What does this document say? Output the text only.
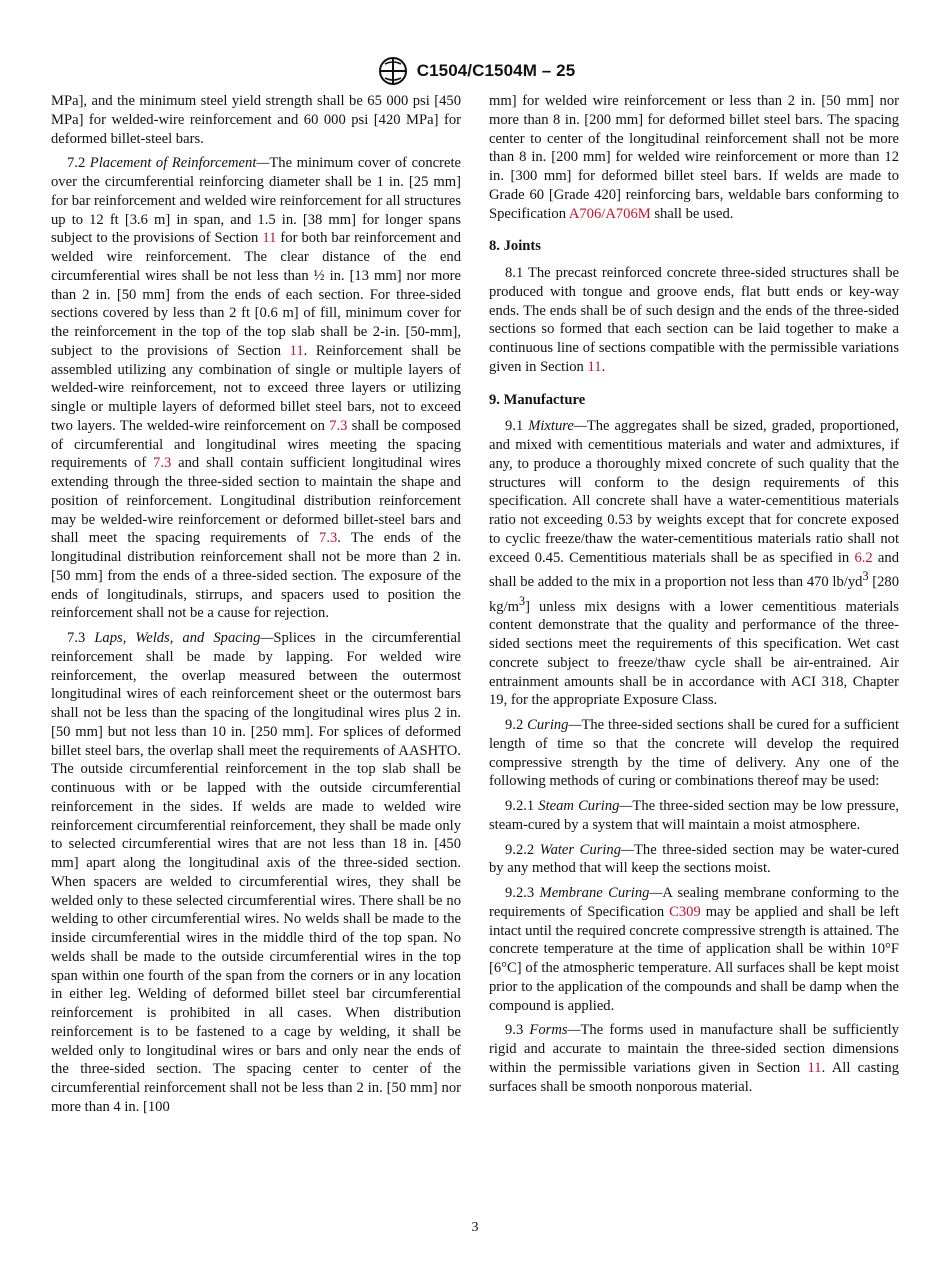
C1504/C1504M – 25

MPa], and the minimum steel yield strength shall be 65 000 psi [450 MPa] for welded-wire reinforcement and 60 000 psi [420 MPa] for deformed billet-steel bars.

7.2 Placement of Reinforcement—The minimum cover of concrete over the circumferential reinforcing diameter shall be 1 in. [25 mm] for bar reinforcement and welded wire reinforcement for all structures up to 12 ft [3.6 m] in span, and 1.5 in. [38 mm] for longer spans subject to the provisions of Section 11 for both bar reinforcement and welded wire reinforcement. The clear distance of the end circumferential wires shall be not less than ½ in. [13 mm] nor more than 2 in. [50 mm] from the ends of each section. For three-sided sections covered by less than 2 ft [0.6 m] of fill, minimum cover for the reinforcement in the top of the top slab shall be 2-in. [50-mm], subject to the provisions of Section 11. Reinforcement shall be assembled utilizing any combination of single or multiple layers of welded-wire reinforcement, not to exceed three layers or utilizing single or multiple layers of deformed billet steel bars, not to exceed two layers. The welded-wire reinforcement on 7.3 shall be composed of circumferential and longitudinal wires meeting the spacing requirements of 7.3 and shall contain sufficient longitudinal wires extending through the three-sided section to maintain the shape and position of reinforcement. Longitudinal distribution reinforcement may be welded-wire reinforcement or deformed billet-steel bars and shall meet the spacing requirements of 7.3. The ends of the longitudinal distribution reinforcement shall not be more than 2 in. [50 mm] from the ends of a three-sided section. The exposure of the ends of longitudinals, stirrups, and spacers used to position the reinforcement shall not be a cause for rejection.

7.3 Laps, Welds, and Spacing—Splices in the circumferential reinforcement shall be made by lapping. For welded wire reinforcement, the overlap measured between the outermost longitudinal wires of each reinforcement sheet or the outermost bars shall not be less than the spacing of the longitudinal wires plus 2 in. [50 mm] but not less than 10 in. [250 mm]. For splices of deformed billet steel bars, the overlap shall meet the requirements of AASHTO. The outside circumferential reinforcement in the top slab shall be continuous with or be lapped with the outside circumferential reinforcement in the sides. If welds are made to welded wire reinforcement circumferential reinforcement, they shall be made only to selected circumferential wires that are not less than 18 in. [450 mm] apart along the longitudinal axis of the three-sided section. When spacers are welded to circumferential wires, they shall be welded only to these selected circumferential wires. There shall be no welding to other circumferential wires. No welds shall be made to the inside circumferential wires in the middle third of the top span. No welds shall be made to the outside circumferential wires in the top span within one fourth of the span from the corners or in any location in either leg. Welding of deformed billet steel bar circumferential reinforcement is prohibited in all cases. When distribution reinforcement is to be fastened to a cage by welding, it shall be welded only to longitudinal wires or bars and only near the ends of the three-sided section. The spacing center to center of the circumferential reinforcement shall not be less than 2 in. [50 mm] nor more than 4 in. [100

mm] for welded wire reinforcement or less than 2 in. [50 mm] nor more than 8 in. [200 mm] for deformed billet steel bars. The spacing center to center of the longitudinal reinforcement shall not be more than 8 in. [200 mm] for welded wire reinforcement or more than 12 in. [300 mm] for deformed billet steel bars. If welds are made to Grade 60 [Grade 420] reinforcing bars, weldable bars conforming to Specification A706/A706M shall be used.

8. Joints

8.1 The precast reinforced concrete three-sided structures shall be produced with tongue and groove ends, flat butt ends or key-way ends. The ends shall be of such design and the ends of the three-sided sections so formed that each section can be laid together to make a continuous line of sections compatible with the permissible variations given in Section 11.

9. Manufacture

9.1 Mixture—The aggregates shall be sized, graded, proportioned, and mixed with cementitious materials and water and admixtures, if any, to produce a thoroughly mixed concrete of such quality that the structures will conform to the design requirements of this specification. All concrete shall have a water-cementitious materials ratio not exceeding 0.53 by weights except that for concrete exposed to cyclic freeze/thaw the water-cementitious materials ratio shall not exceed 0.45. Cementitious materials shall be as specified in 6.2 and shall be added to the mix in a proportion not less than 470 $lb/yd^3$ [280 $kg/m^3$] unless mix designs with a lower cementitious materials content demonstrate that the quality and performance of the three-sided sections meet the requirements of this specification. Wet cast concrete subject to freeze/thaw cycle shall be air-entrained. Air entrainment amounts shall be in accordance with ACI 318, Chapter 19, for the appropriate Exposure Class.

9.2 Curing—The three-sided sections shall be cured for a sufficient length of time so that the concrete will develop the required compressive strength by the time of delivery. Any one of the following methods of curing or combinations thereof may be used:

9.2.1 Steam Curing—The three-sided section may be low pressure, steam-cured by a system that will maintain a moist atmosphere.

9.2.2 Water Curing—The three-sided section may be water-cured by any method that will keep the sections moist.

9.2.3 Membrane Curing—A sealing membrane conforming to the requirements of Specification C309 may be applied and shall be left intact until the required concrete compressive strength is attained. The concrete temperature at the time of application shall be within 10°F [6°C] of the atmospheric temperature. All surfaces shall be kept moist prior to the application of the compounds and shall be damp when the compound is applied.

9.3 Forms—The forms used in manufacture shall be sufficiently rigid and accurate to maintain the three-sided section dimensions within the permissible variations given in Section 11. All casting surfaces shall be smooth nonporous material.

3
